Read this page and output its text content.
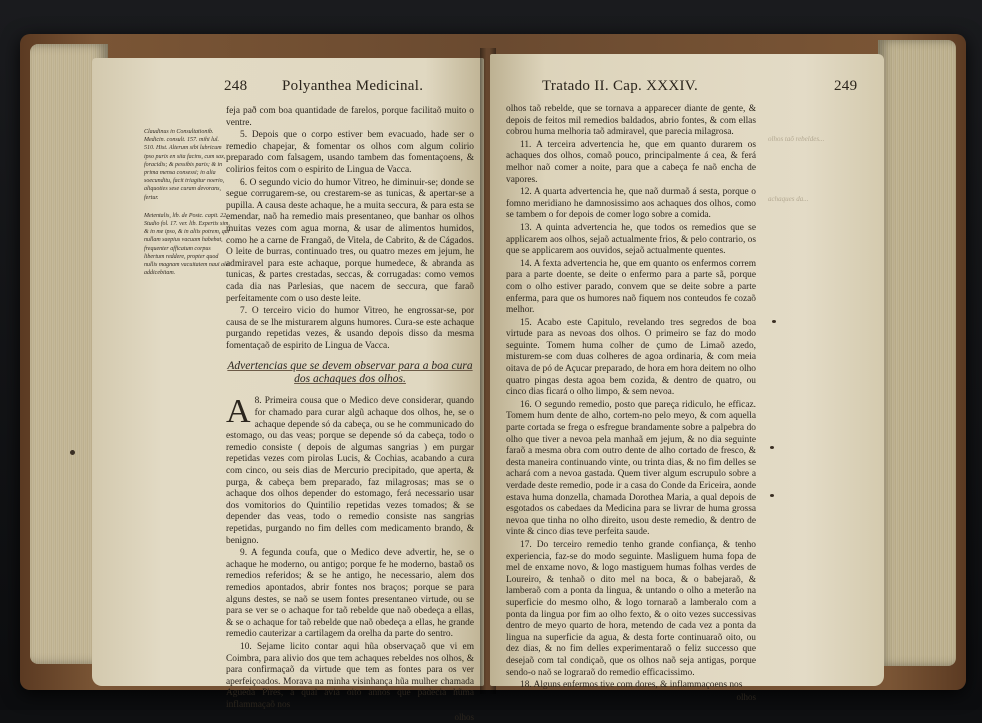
248 Polyanthea Medicinal.
Claudinus in Consultationib. Medicin. consult. 157. mihi lul. 510. Hist. Alterum sibi lubricum ipso purix en sita facins, cum sax, foracidis; & pessibis paris; & in prima mensa consessi; in alia soecunditu, facit triagitur noerio, aliquoties sese curam devorans, fertur.
Metentalis, lib. de Postc. capit. 22. Studio fol. 17. ver. lib. Expertis sim, & in me ipso, & in aliis potrem, qui nullam saepius vacuam habebat, frequenter afficatum corpus libertum reddere, propter quod nullis magnam vacuitatem naui alet addicebitam.

feja pað com boa quantidade de farelos, porque facilitaõ muito o ventre.

5. Depois que o corpo estiver bem evacuado, hade ser o remedio chapejar, & fomentar os olhos com algum colirio preparado com falsagem, usando tambem das fomentaçoens, & colirios feitos com o espirito de Lingua de Vacca.

6. O segundo vicio do humor Vitreo, he diminuir-se; donde se segue corrugarem-se, ou crestarem-se as tunicas, & apertar-se a pupilla. A causa deste achaque, he a muita seccura, & para esta se emendar, naõ ha remedio mais presentaneo, que banhar os olhos muitas vezes com agua morna, & usar de alimentos humidos, como he a carne de Frangaõ, de Vitela, de Cabrito, & de Cágados. O leite de burras, continuado tres, ou quatro mezes em jejum, he admiravel para este achaque, porque humedece, & abranda as tunicas, & partes crestadas, seccas, & corrugadas: como vemos cada dia nas Parlesias, que nacem de seccura, que faraõ perfeitamente com o uso deste leite.

7. O terceiro vicio do humor Vitreo, he engrossar-se, por causa de se lhe misturarem alguns humores. Cura-se este achaque purgando repetidas vezes, & usando depois disso da mesma fomentaçaõ de espirito de Lingua de Vacca.

Advertencias que se devem observar para a boa cura dos achaques dos olhos.

A 8. Primeira cousa que o Medico deve considerar, quando for chamado para curar algũ achaque dos olhos, he, se o achaque depende só da cabeça, ou se he communicado do estomago, ou das veas; porque se depende só da cabeça, todo o remedio consiste ( depois de algumas sangrias ) em purgar repetidas vezes com pirolas Lucis, & Cochias, acabando a cura com cinco, ou seis dias de Mercurio precipitado, que aperta, & purga, & cabeça bem preparado, faz milagrosas; mas se o achaque dos olhos depender do estomago, ferá necessario usar dos vomitorios do Quintilio repetidas vezes tomados; & se depender das veas, todo o remedio consiste nas sangrias repetidas, purgando no fim delles com medicamento brando, & benigno.

9. A fegunda coufa, que o Medico deve advertir, he, se o achaque he moderno, ou antigo; porque fe he moderno, bastaõ os remedios referidos; & se he antigo, he necessario, alem dos remedios apontados, abrir fontes nos braços; porque se para alguns destes, se naõ se usem fontes presentaneo virtude, ou se para se ver se o achaque for taõ rebelde que naõ obedeça a ellas, & se o achaque for taõ rebelde que naõ obedeça a ellas, he grande remedio cauterizar a cartilagem da orelha da parte do sentro.

10. Sejame licito contar aqui hũa observaçaõ que vi em Coimbra, para alivio dos que tem achaques rebeldes nos olhos, & para confirmaçaõ da virtude que tem as fontes para os ver aperfeiçoados. Morava na minha visinhança hũa mulher chamada Agueda Pires, a qual avia oito annos que padecia hũma inflammaçaõ nos

olhos
Tratado II. Cap. XXXIV.	249

olhos taõ rebelde, que se tornava a apparecer diante de gente, & depois de feitos mil remedios baldados, abrio fontes, & com ellas cobrou huma melhoria taõ admiravel, que parecia milagrosa.

11. A terceira advertencia he, que em quanto durarem os achaques dos olhos, comaõ pouco, principalmente á cea, & ferá melhor naõ comer a noite, para que a cabeça fe naõ encha de vapores.

12. A quarta advertencia he, que naõ durmaõ á sesta, porque o fomno meridiano he damnosissimo aos achaques dos olhos, como se tambem o for depois de comer logo sobre a comida.

13. A quinta advertencia he, que todos os remedios que se applicarem aos olhos, sejaõ actualmente frios, & pelo contrario, os que se applicarem aos ouvidos, sejaõ actualmente quentes.

14. A fexta advertencia he, que em quanto os enfermos correm para a parte doente, se deite o enfermo para a parte sã, porque com o olho estiver parado, convem que se deite sobre a parte enferma, para que os humores naõ fiquem nos conteudos fe cozaõ melhor.

15. Acabo este Capitulo, revelando tres segredos de boa virtude para as nevoas dos olhos. O primeiro se faz do modo seguinte. Tomem huma colher de çumo de Limaõ azedo, misturem-se com duas colheres de agoa ordinaria, & com meia oitava de pó de Açucar preparado, de hora em hora deitem no olho quatro pingas desta agoa bem cozida, & dentro de quatro, ou cinco dias ficará o olho limpo, & sem nevoa.

16. O segundo remedio, posto que pareça ridiculo, he efficaz. Tomem hum dente de alho, cortem-no pelo meyo, & com aquella parte cortada se frega o esfregue brandamente sobre a palpebra do olho que tiver a nevoa pela manhaã em jejum, & no dia seguinte faraõ a mesma obra com outro dente de alho cortado de fresco, & desta maneira continuando vinte, ou trinta dias, & no fim delles se achará com a nevoa gastada. Quem tiver algum escrupulo sobre a verdade deste remedio, pode ir a casa do Conde da Ericeira, aonde estava huma donzella, chamada Dorothea Maria, a qual depois de esgotados os cabedaes da Medicina para se livrar de huma grossa nevoa que tinha no olho direito, usou deste remedio, & dentro de vinte & cinco dias teve perfeita saude.

17. Do terceiro remedio tenho grande confiança, & tenho experiencia, faz-se do modo seguinte. Masliguem huma fopa de mel de enxame novo, & logo mastiguem humas folhas verdes de Loureiro, & tenhaõ o dito mel na boca, & o babejaraõ, & lamberaõ com a ponta da lingua, & untando o olho a meterão na superficie do mesmo olho, & logo tornaraõ a lamberalo com a ponta da lingua por fim ao olho fexto, & o oito vezes successivas dentro de meyo quarto de hora, metendo de cada vez a ponta da lingua na superficie da agua, & desta forte continuaraõ oito, ou dez dias, & no fim delles experimentaraõ o feliz successo que desejaõ com tal condiçaõ, que os olhos naõ seja antigas, porque sendo-o naõ se lograraõ do remedio efficacissimo.

18. Alguns enfermos tive com dores, & inflammaçoens nos

olhos
olhos taõ rebeldes...
achaques da...
